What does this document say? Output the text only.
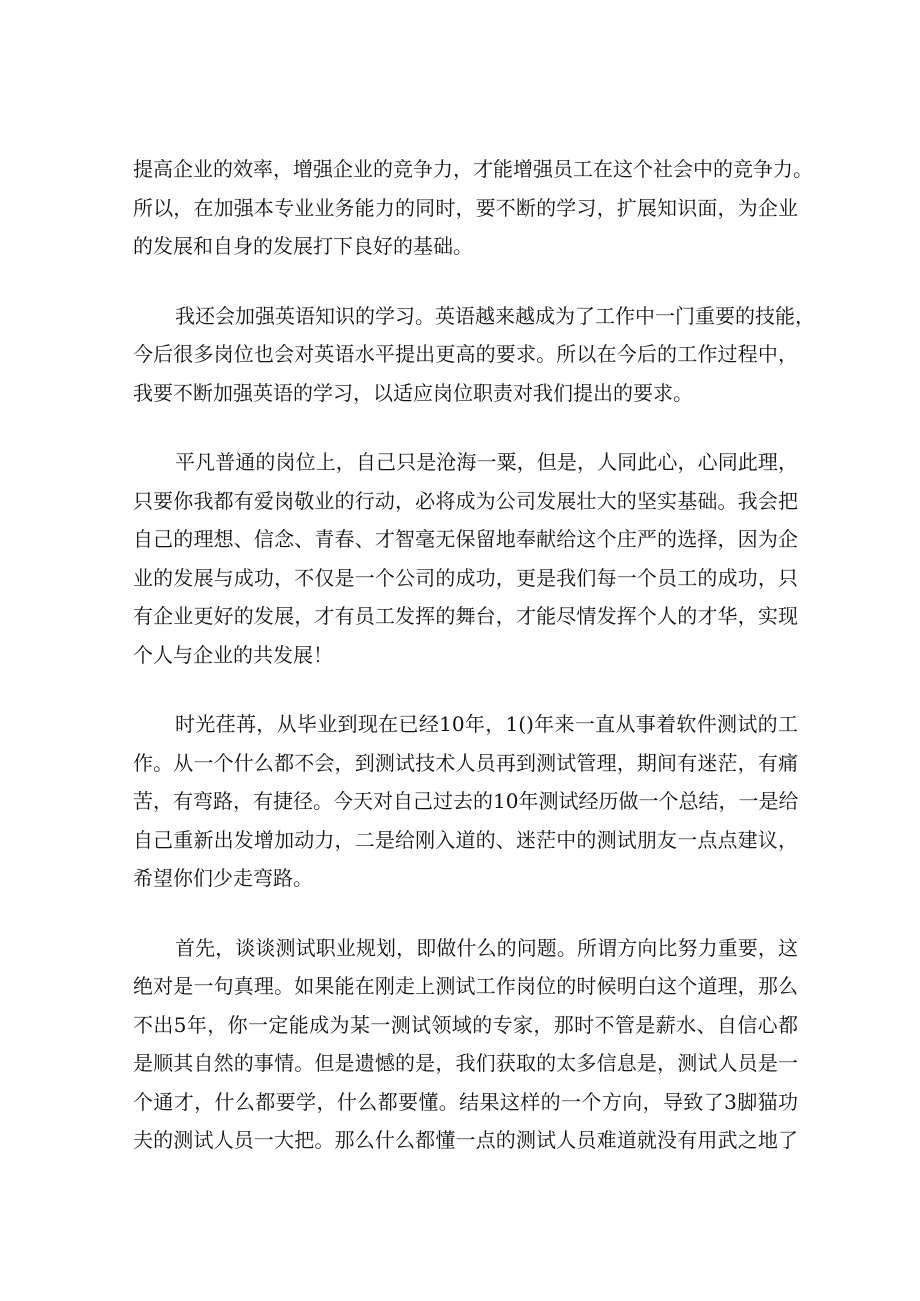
提高企业的效率，增强企业的竞争力，才能增强员工在这个社会中的竞争力。
所以，在加强本专业业务能力的同时，要不断的学习，扩展知识面，为企业
的发展和自身的发展打下良好的基础。
我还会加强英语知识的学习。英语越来越成为了工作中一门重要的技能，
今后很多岗位也会对英语水平提出更高的要求。所以在今后的工作过程中，
我要不断加强英语的学习，以适应岗位职责对我们提出的要求。
平凡普通的岗位上，自己只是沧海一粟，但是，人同此心，心同此理，
只要你我都有爱岗敬业的行动，必将成为公司发展壮大的坚实基础。我会把
自己的理想、信念、青春、才智毫无保留地奉献给这个庄严的选择，因为企
业的发展与成功，不仅是一个公司的成功，更是我们每一个员工的成功，只
有企业更好的发展，才有员工发挥的舞台，才能尽情发挥个人的才华，实现
个人与企业的共发展！
时光荏苒，从毕业到现在已经10年，1()年来一直从事着软件测试的工
作。从一个什么都不会，到测试技术人员再到测试管理，期间有迷茫，有痛
苦，有弯路，有捷径。今天对自己过去的10年测试经历做一个总结，一是给
自己重新出发增加动力，二是给刚入道的、迷茫中的测试朋友一点点建议，
希望你们少走弯路。
首先，谈谈测试职业规划，即做什么的问题。所谓方向比努力重要，这
绝对是一句真理。如果能在刚走上测试工作岗位的时候明白这个道理，那么
不出5年，你一定能成为某一测试领域的专家，那时不管是薪水、自信心都
是顺其自然的事情。但是遗憾的是，我们获取的太多信息是，测试人员是一
个通才，什么都要学，什么都要懂。结果这样的一个方向，导致了3脚猫功
夫的测试人员一大把。那么什么都懂一点的测试人员难道就没有用武之地了
